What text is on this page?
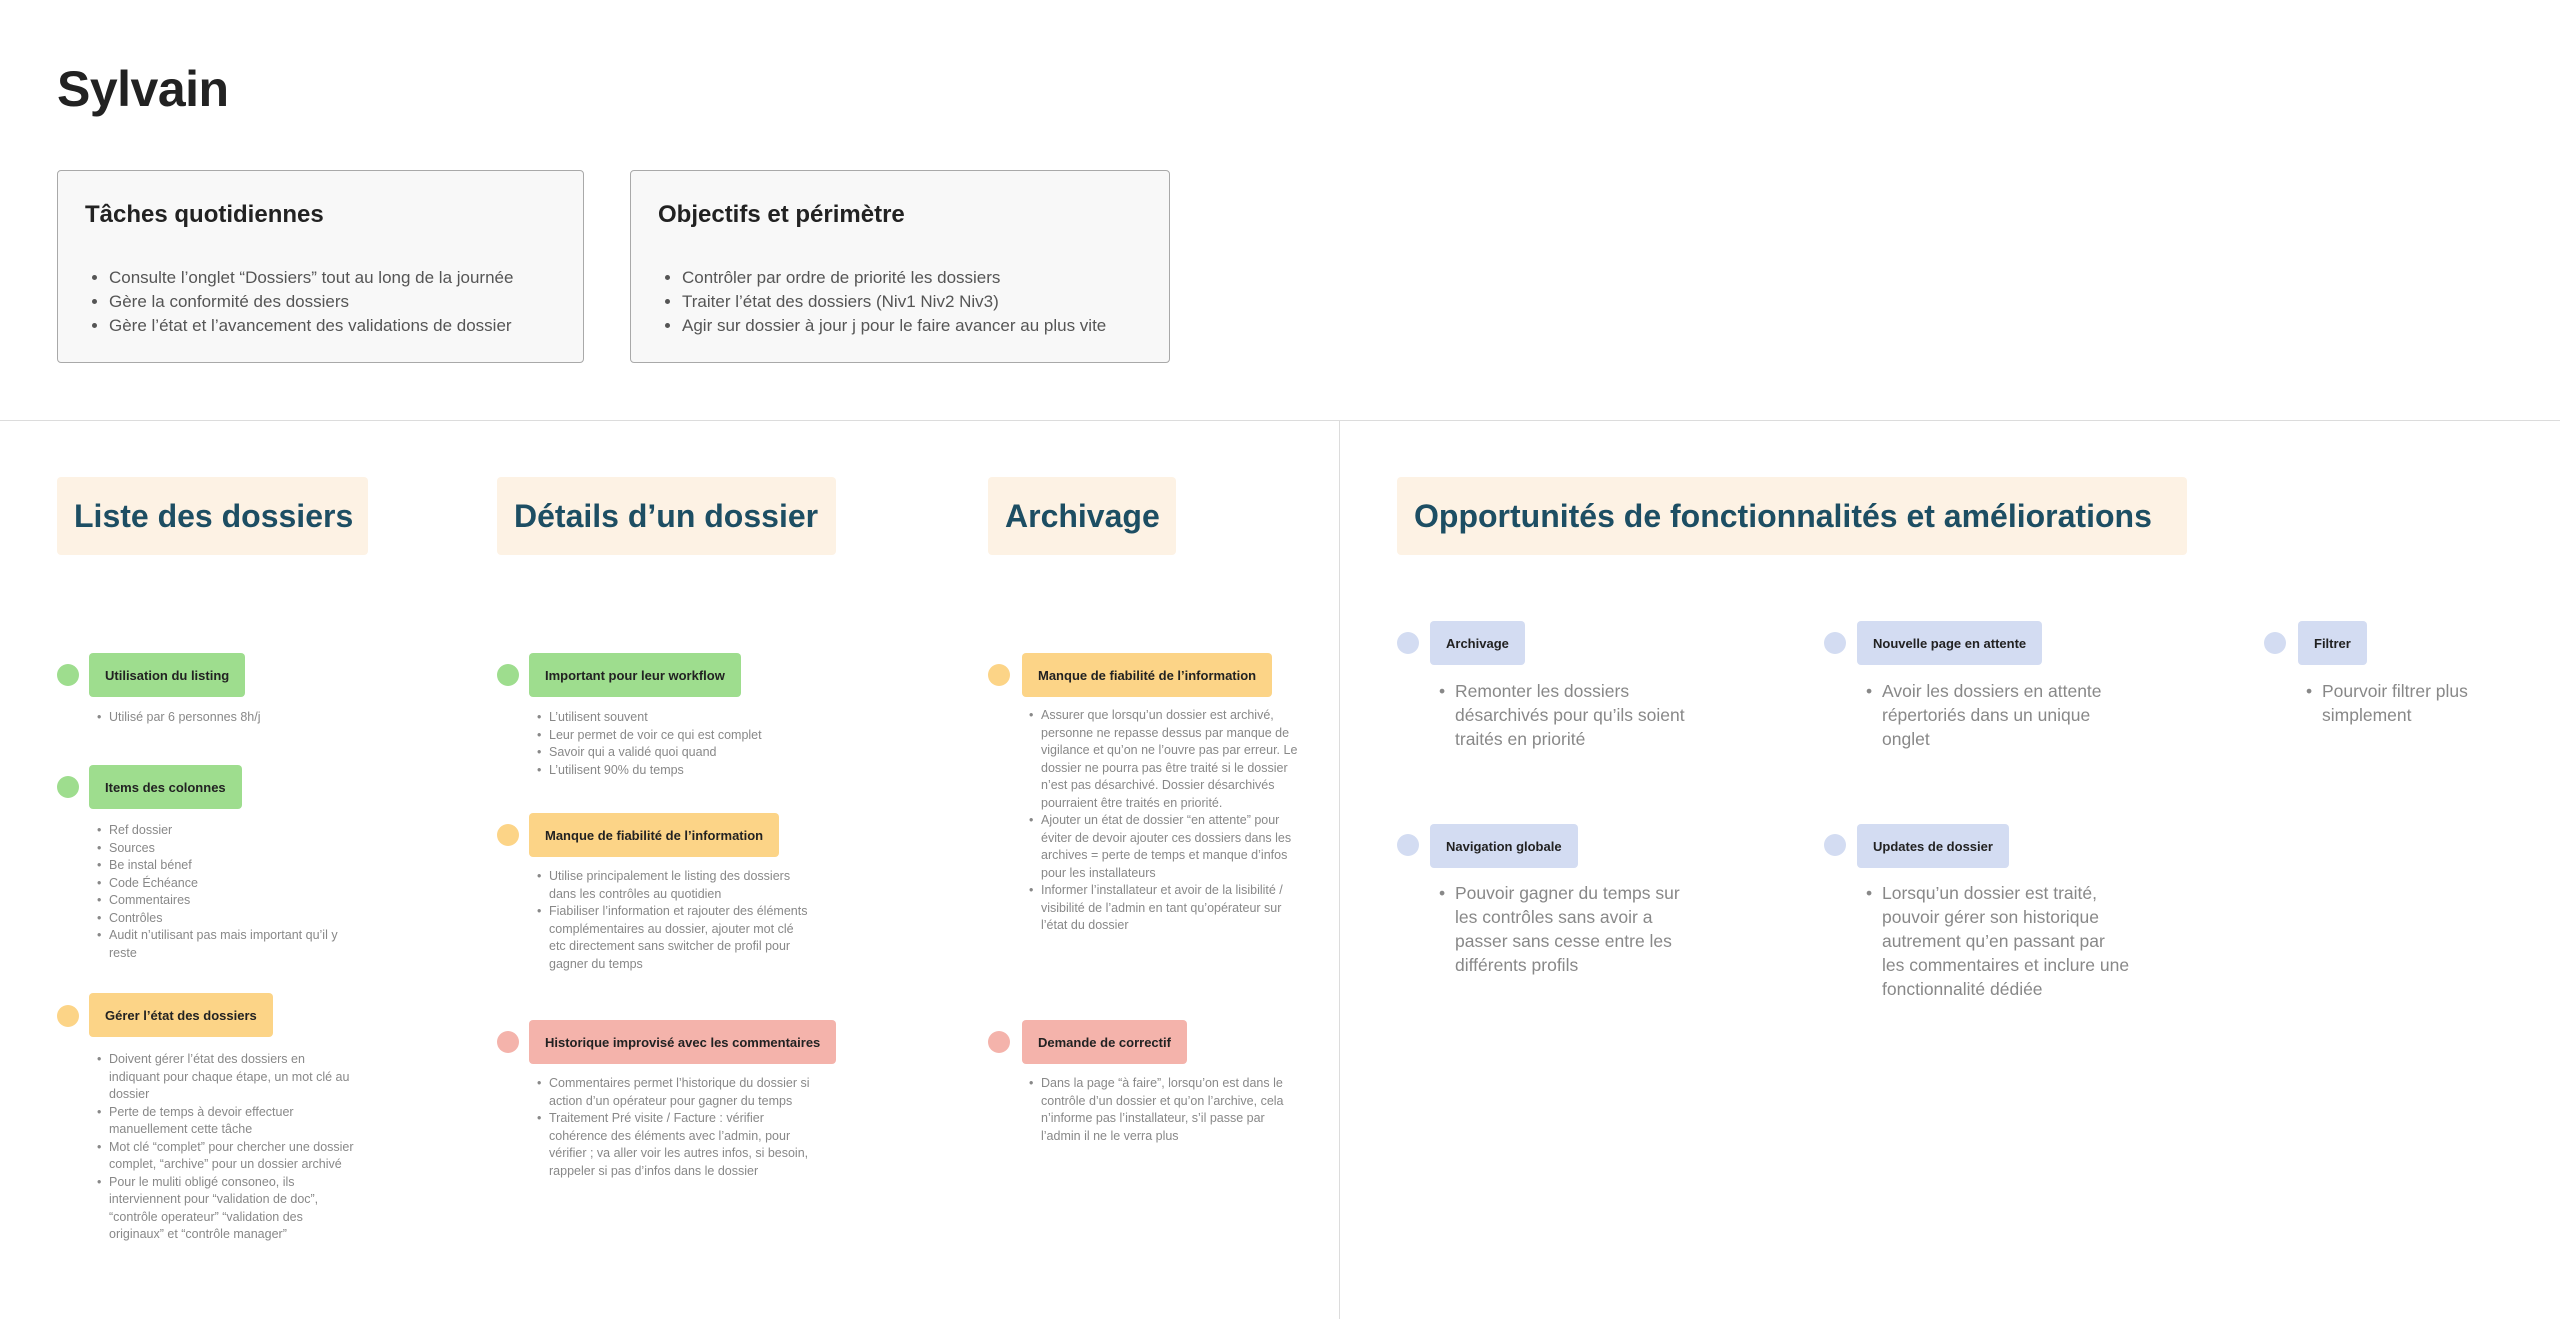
Sylvain
Tâches quotidiennes
• Consulte l’onglet “Dossiers” tout au long de la journée
• Gère la conformité des dossiers
• Gère l’état et l’avancement des validations de dossier
Objectifs et périmètre
• Contrôler par ordre de priorité les dossiers
• Traiter l’état des dossiers (Niv1 Niv2 Niv3)
• Agir sur dossier à jour j pour le faire avancer au plus vite
Liste des dossiers	Détails d’un dossier	Archivage	Opportunités de fonctionnalités et améliorations
Utilisation du listing
• Utilisé par 6 personnes 8h/j
Items des colonnes
• Ref dossier
• Sources
• Be instal bénef
• Code Échéance
• Commentaires
• Contrôles
• Audit n’utilisant pas mais important qu’il y reste
Gérer l’état des dossiers
• Doivent gérer l’état des dossiers en indiquant pour chaque étape, un mot clé au dossier
• Perte de temps à devoir effectuer manuellement cette tâche
• Mot clé “complet” pour chercher une dossier complet, “archive” pour un dossier archivé
• Pour le muliti obligé consoneo, ils interviennent pour “validation de doc”, “contrôle operateur” “validation des originaux” et “contrôle manager”
Important pour leur workflow
• L’utilisent souvent
• Leur permet de voir ce qui est complet
• Savoir qui a validé quoi quand
• L’utilisent 90% du temps
Manque de fiabilité de l’information
• Utilise principalement le listing des dossiers dans les contrôles au quotidien
• Fiabiliser l’information et rajouter des éléments complémentaires au dossier, ajouter mot clé etc directement sans switcher de profil pour gagner du temps
Historique improvisé avec les commentaires
• Commentaires permet l’historique du dossier si action d’un opérateur pour gagner du temps
• Traitement Pré visite / Facture : vérifier cohérence des éléments avec l’admin, pour vérifier ; va aller voir les autres infos, si besoin, rappeler si pas d’infos dans le dossier
Manque de fiabilité de l’information
• Assurer que lorsqu’un dossier est archivé, personne ne repasse dessus par manque de vigilance et qu’on ne l’ouvre pas par erreur. Le dossier ne pourra pas être traité si le dossier n’est pas désarchivé. Dossier désarchivés pourraient être traités en priorité.
• Ajouter un état de dossier “en attente” pour éviter de devoir ajouter ces dossiers dans les archives = perte de temps et manque d’infos pour les installateurs
• Informer l’installateur et avoir de la lisibilité / visibilité de l’admin en tant qu’opérateur sur l’état du dossier
Demande de correctif
• Dans la page “à faire”, lorsqu’on est dans le contrôle d’un dossier et qu’on l’archive, cela n’informe pas l’installateur, s’il passe par l’admin il ne le verra plus
Archivage
• Remonter les dossiers désarchivés pour qu’ils soient traités en priorité
Nouvelle page en attente
• Avoir les dossiers en attente répertoriés dans un unique onglet
Filtrer
• Pourvoir filtrer plus simplement
Navigation globale
• Pouvoir gagner du temps sur les contrôles sans avoir a passer sans cesse entre les différents profils
Updates de dossier
• Lorsqu’un dossier est traité, pouvoir gérer son historique autrement qu’en passant par les commentaires et inclure une fonctionnalité dédiée
